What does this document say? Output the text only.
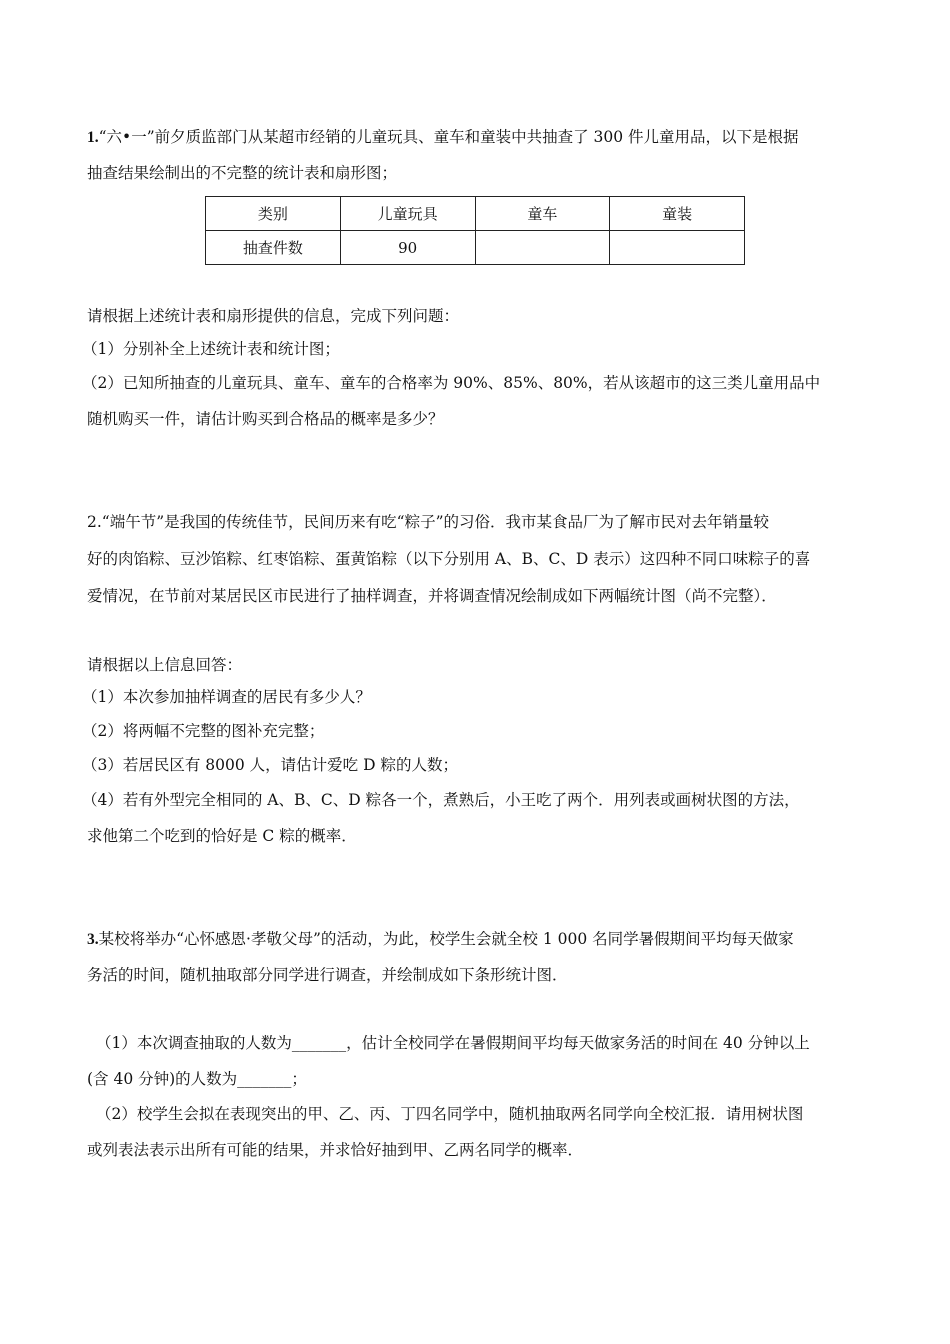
1.“六•一”前夕质监部门从某超市经销的儿童玩具、童车和童装中共抽查了 300 件儿童用品，以下是根据
抽查结果绘制出的不完整的统计表和扇形图；
类别	儿童玩具	童车	童装
抽查件数	90		
请根据上述统计表和扇形提供的信息，完成下列问题：
（1）分别补全上述统计表和统计图；
（2）已知所抽查的儿童玩具、童车、童车的合格率为 90%、85%、80%，若从该超市的这三类儿童用品中
随机购买一件，请估计购买到合格品的概率是多少？
2.“端午节”是我国的传统佳节，民间历来有吃“粽子”的习俗．我市某食品厂为了解市民对去年销量较
好的肉馅粽、豆沙馅粽、红枣馅粽、蛋黄馅粽（以下分别用 A、B、C、D 表示）这四种不同口味粽子的喜
爱情况，在节前对某居民区市民进行了抽样调查，并将调查情况绘制成如下两幅统计图（尚不完整）．
请根据以上信息回答：
（1）本次参加抽样调查的居民有多少人？
（2）将两幅不完整的图补充完整；
（3）若居民区有 8000 人，请估计爱吃 D 粽的人数；
（4）若有外型完全相同的 A、B、C、D 粽各一个，煮熟后，小王吃了两个．用列表或画树状图的方法，
求他第二个吃到的恰好是 C 粽的概率．
3.某校将举办“心怀感恩·孝敬父母”的活动，为此，校学生会就全校 1 000 名同学暑假期间平均每天做家
务活的时间，随机抽取部分同学进行调查，并绘制成如下条形统计图．
（1）本次调查抽取的人数为_______，估计全校同学在暑假期间平均每天做家务活的时间在 40 分钟以上
(含 40 分钟)的人数为_______；
（2）校学生会拟在表现突出的甲、乙、丙、丁四名同学中，随机抽取两名同学向全校汇报．请用树状图
或列表法表示出所有可能的结果，并求恰好抽到甲、乙两名同学的概率．
